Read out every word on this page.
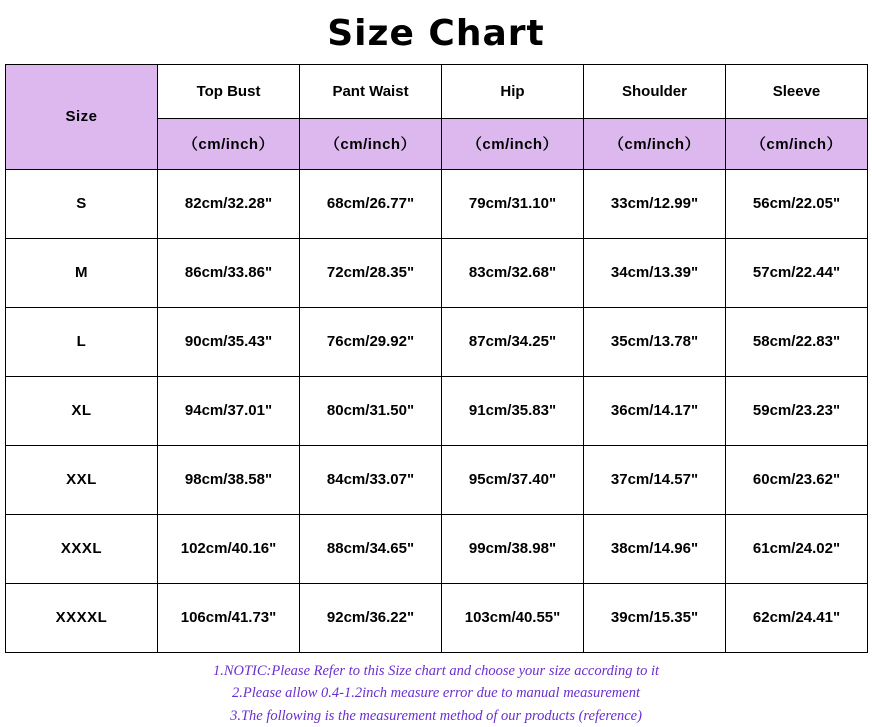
Size Chart
Size	Top Bust	Pant Waist	Hip	Shoulder	Sleeve
	（cm/inch）	（cm/inch）	（cm/inch）	（cm/inch）	（cm/inch）
S	82cm/32.28"	68cm/26.77"	79cm/31.10"	33cm/12.99"	56cm/22.05"
M	86cm/33.86"	72cm/28.35"	83cm/32.68"	34cm/13.39"	57cm/22.44"
L	90cm/35.43"	76cm/29.92"	87cm/34.25"	35cm/13.78"	58cm/22.83"
XL	94cm/37.01"	80cm/31.50"	91cm/35.83"	36cm/14.17"	59cm/23.23"
XXL	98cm/38.58"	84cm/33.07"	95cm/37.40"	37cm/14.57"	60cm/23.62"
XXXL	102cm/40.16"	88cm/34.65"	99cm/38.98"	38cm/14.96"	61cm/24.02"
XXXXL	106cm/41.73"	92cm/36.22"	103cm/40.55"	39cm/15.35"	62cm/24.41"
1.NOTIC:Please Refer to this Size chart and choose your size according to it
2.Please allow 0.4-1.2inch measure error due to manual measurement
3.The following is the measurement method of our products (reference)
